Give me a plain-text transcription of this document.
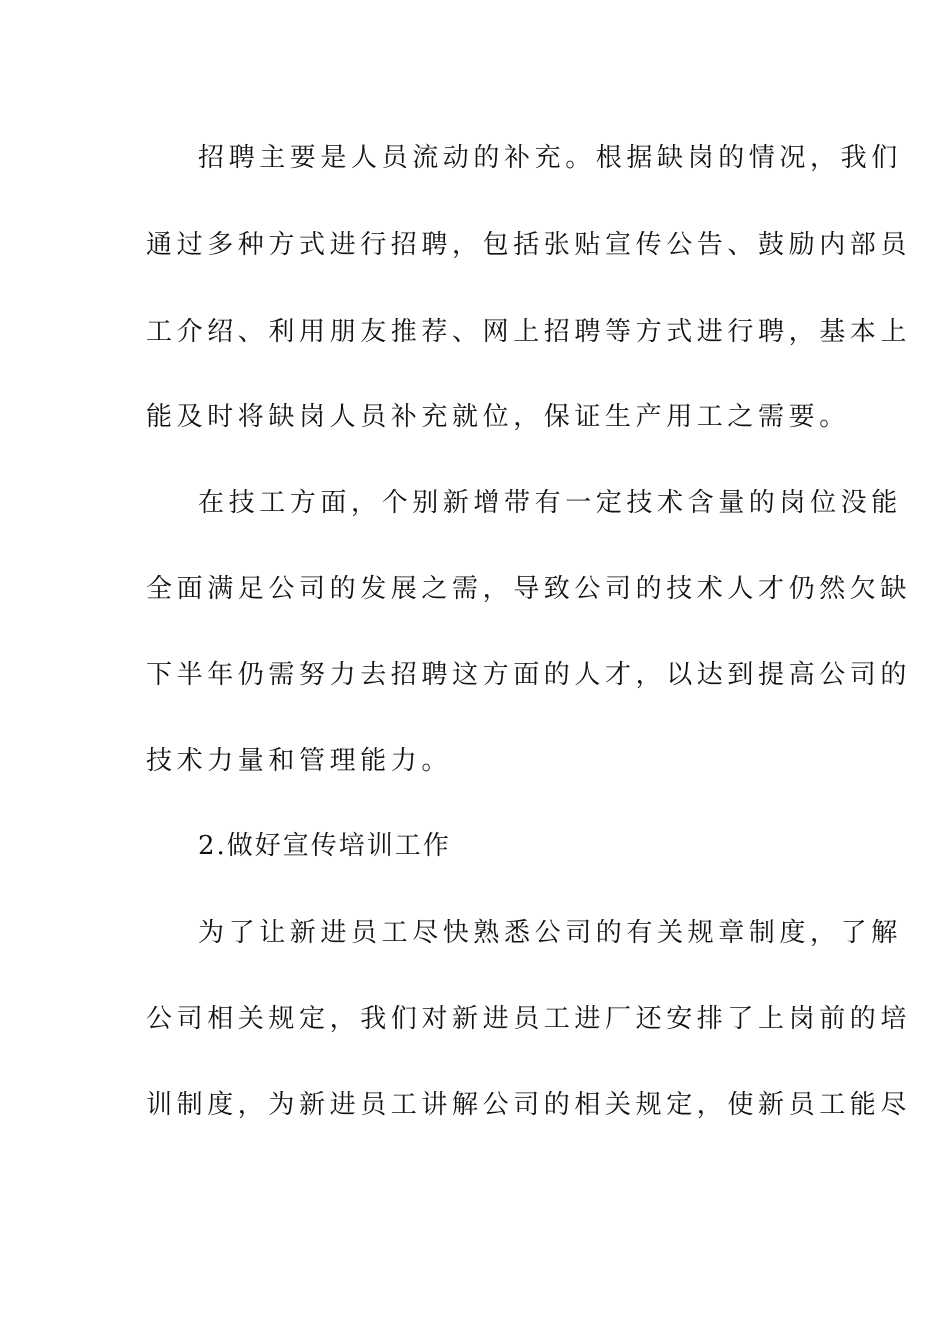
招聘主要是人员流动的补充。根据缺岗的情况，我们
通过多种方式进行招聘，包括张贴宣传公告、鼓励内部员
工介绍、利用朋友推荐、网上招聘等方式进行聘，基本上
能及时将缺岗人员补充就位，保证生产用工之需要。
在技工方面，个别新增带有一定技术含量的岗位没能
全面满足公司的发展之需，导致公司的技术人才仍然欠缺
下半年仍需努力去招聘这方面的人才，以达到提高公司的
技术力量和管理能力。
2.做好宣传培训工作
为了让新进员工尽快熟悉公司的有关规章制度，了解
公司相关规定，我们对新进员工进厂还安排了上岗前的培
训制度，为新进员工讲解公司的相关规定，使新员工能尽
